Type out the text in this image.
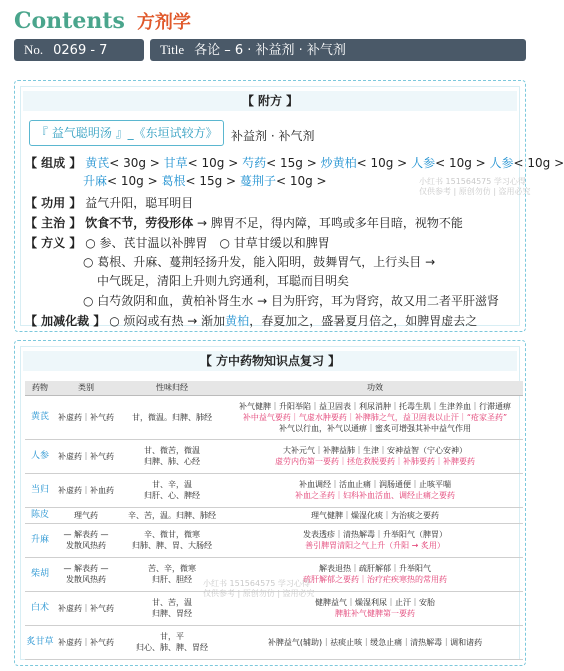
Contents 方剂学
No. 0269 - 7	Title 各论 – 6 · 补益剂 · 补气剂
【 附方 】
『 益气聪明汤 』_《东垣试较方》	补益剂 · 补气剂
【 组成 】 黄芪< 30g > 甘草< 10g > 芍药< 15g > 炒黄柏< 10g > 人参< 10g > 人参< 10g >
升麻< 10g > 葛根< 15g > 蔓荆子< 10g >	小红书 151564575 学习心得
仅供参考 | 原创勿仿 | 盗用必究
【 功用 】 益气升阳，聪耳明目
【 主治 】 饮食不节，劳役形体 → 脾胃不足，得内障，耳鸣或多年目暗，视物不能
【 方义 】 ○ 参、芪甘温以补脾胃　○ 甘草甘缓以和脾胃
○ 葛根、升麻、蔓荆轻扬升发，能入阳明，鼓舞胃气，上行头目 →
中气既足，清阳上升则九窍通利，耳聪而目明矣
○ 白芍敛阴和血，黄柏补肾生水 → 目为肝窍，耳为肾窍，故又用二者平肝滋肾
【 加减化裁 】 ○ 烦闷或有热 → 渐加黄柏，春夏加之，盛暑夏月倍之，如脾胃虚去之
【 方中药物知识点复习 】
药物	类别	性味归经	功效
黄芪	补虚药｜补气药	甘，微温。归脾、肺经	补气健脾｜升阳举陷｜益卫固表｜利尿消肿｜托毒生肌｜生津养血｜行滞通痹
补中益气要药｜气虚水肿要药｜补脾肺之气，益卫固表以止汗｜“疮家圣药”
补气以行血，补气以通痹｜蜜炙可增强其补中益气作用

人参	补虚药｜补气药	甘、微苦，微温
归脾、肺、心经	大补元气｜补脾益肺｜生津｜安神益智（宁心安神）
虚劳内伤第一要药｜拯危救脱要药｜补肺要药｜补脾要药

当归	补虚药｜补血药	甘、辛，温
归肝、心、脾经	补血调经｜活血止痛｜润肠通便｜止咳平喘
补血之圣药｜妇科补血活血、调经止痛之要药

陈皮	理气药	辛、苦，温。归脾、肺经	理气健脾｜燥湿化痰｜为治痰之要药

升麻	— 解表药 —
发散风热药	辛、微甘，微寒
归肺、脾、胃、大肠经	发表透疹｜清热解毒｜升举阳气（脾胃）
善引脾胃清阳之气上升（升阳 → 炙用）

柴胡	— 解表药 —
发散风热药	苦、辛，微寒
归肝、胆经	解表退热｜疏肝解郁｜升举阳气
疏肝解郁之要药｜治疗疟疾寒热的常用药

白术	补虚药｜补气药	甘、苦，温
归脾、胃经	健脾益气｜燥湿利尿｜止汗｜安胎
脾脏补气健脾第一要药

炙甘草	补虚药｜补气药	甘，平
归心、肺、脾、胃经	补脾益气(辅助)｜祛痰止咳｜缓急止痛｜清热解毒｜调和诸药
小红书 151564575 学习心得
仅供参考 | 原创勿仿 | 盗用必究
